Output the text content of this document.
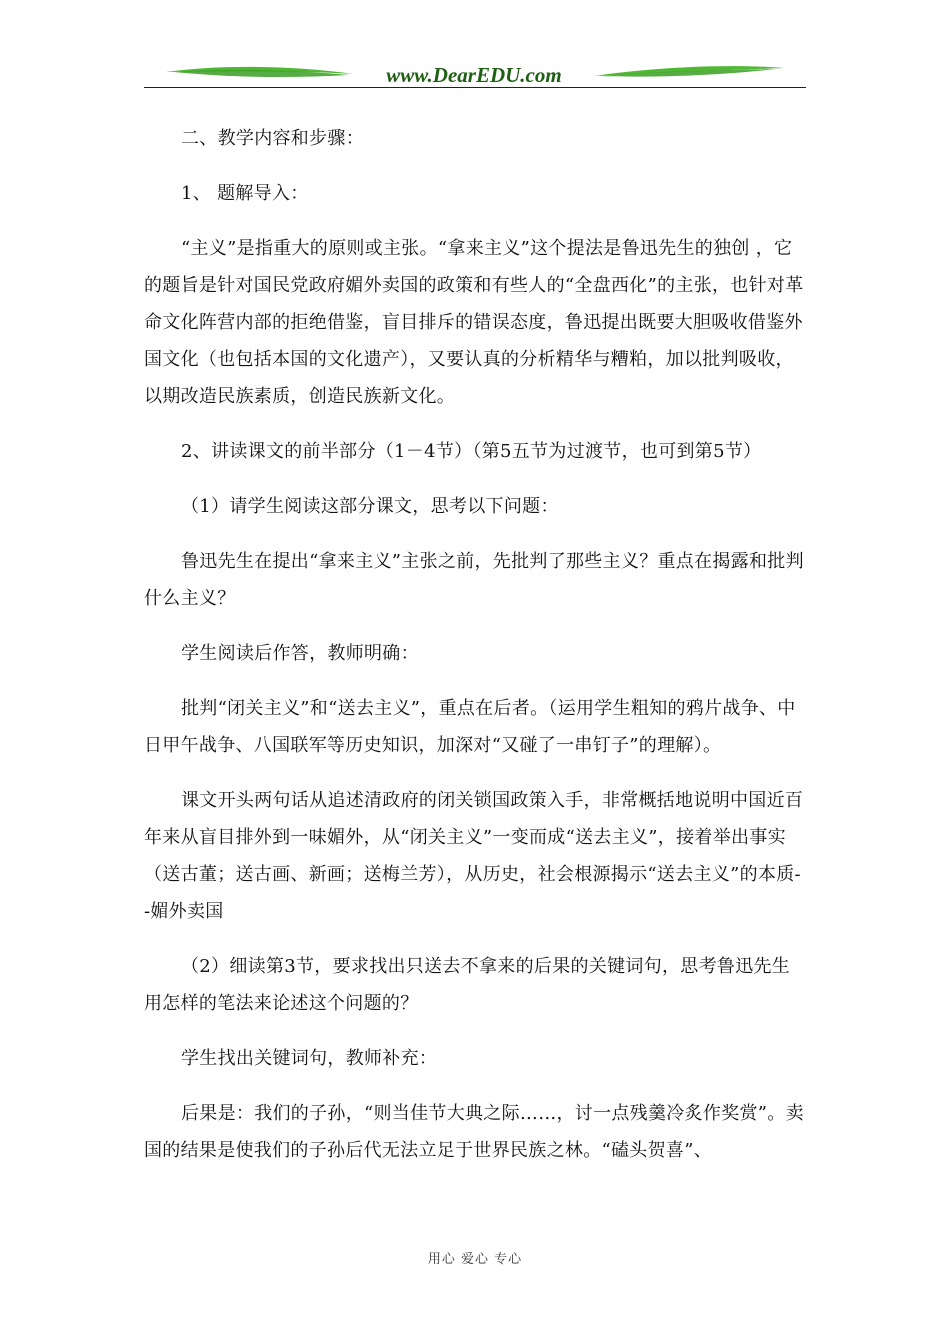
www.DearEDU.com

二、教学内容和步骤：

1、 题解导入：

“主义”是指重大的原则或主张。“拿来主义”这个提法是鲁迅先生的独创 ，它的题旨是针对国民党政府媚外卖国的政策和有些人的“全盘西化”的主张，也针对革命文化阵营内部的拒绝借鉴，盲目排斥的错误态度，鲁迅提出既要大胆吸收借鉴外国文化（也包括本国的文化遗产），又要认真的分析精华与糟粕，加以批判吸收，以期改造民族素质，创造民族新文化。

2、讲读课文的前半部分（1－4节）（第5五节为过渡节，也可到第5节）

（1）请学生阅读这部分课文，思考以下问题：

鲁迅先生在提出“拿来主义”主张之前，先批判了那些主义？重点在揭露和批判什么主义？

学生阅读后作答，教师明确：

批判“闭关主义”和“送去主义”，重点在后者。（运用学生粗知的鸦片战争、中日甲午战争、八国联军等历史知识，加深对“又碰了一串钉子”的理解）。

课文开头两句话从追述清政府的闭关锁国政策入手，非常概括地说明中国近百年来从盲目排外到一味媚外，从“闭关主义”一变而成“送去主义”，接着举出事实（送古董；送古画、新画；送梅兰芳），从历史，社会根源揭示“送去主义”的本质--媚外卖国

（2）细读第3节，要求找出只送去不拿来的后果的关键词句，思考鲁迅先生用怎样的笔法来论述这个问题的？

学生找出关键词句，教师补充：

后果是：我们的子孙，“则当佳节大典之际……，讨一点残羹冷炙作奖赏”。卖国的结果是使我们的子孙后代无法立足于世界民族之林。“磕头贺喜”、

用心 爱心 专心
